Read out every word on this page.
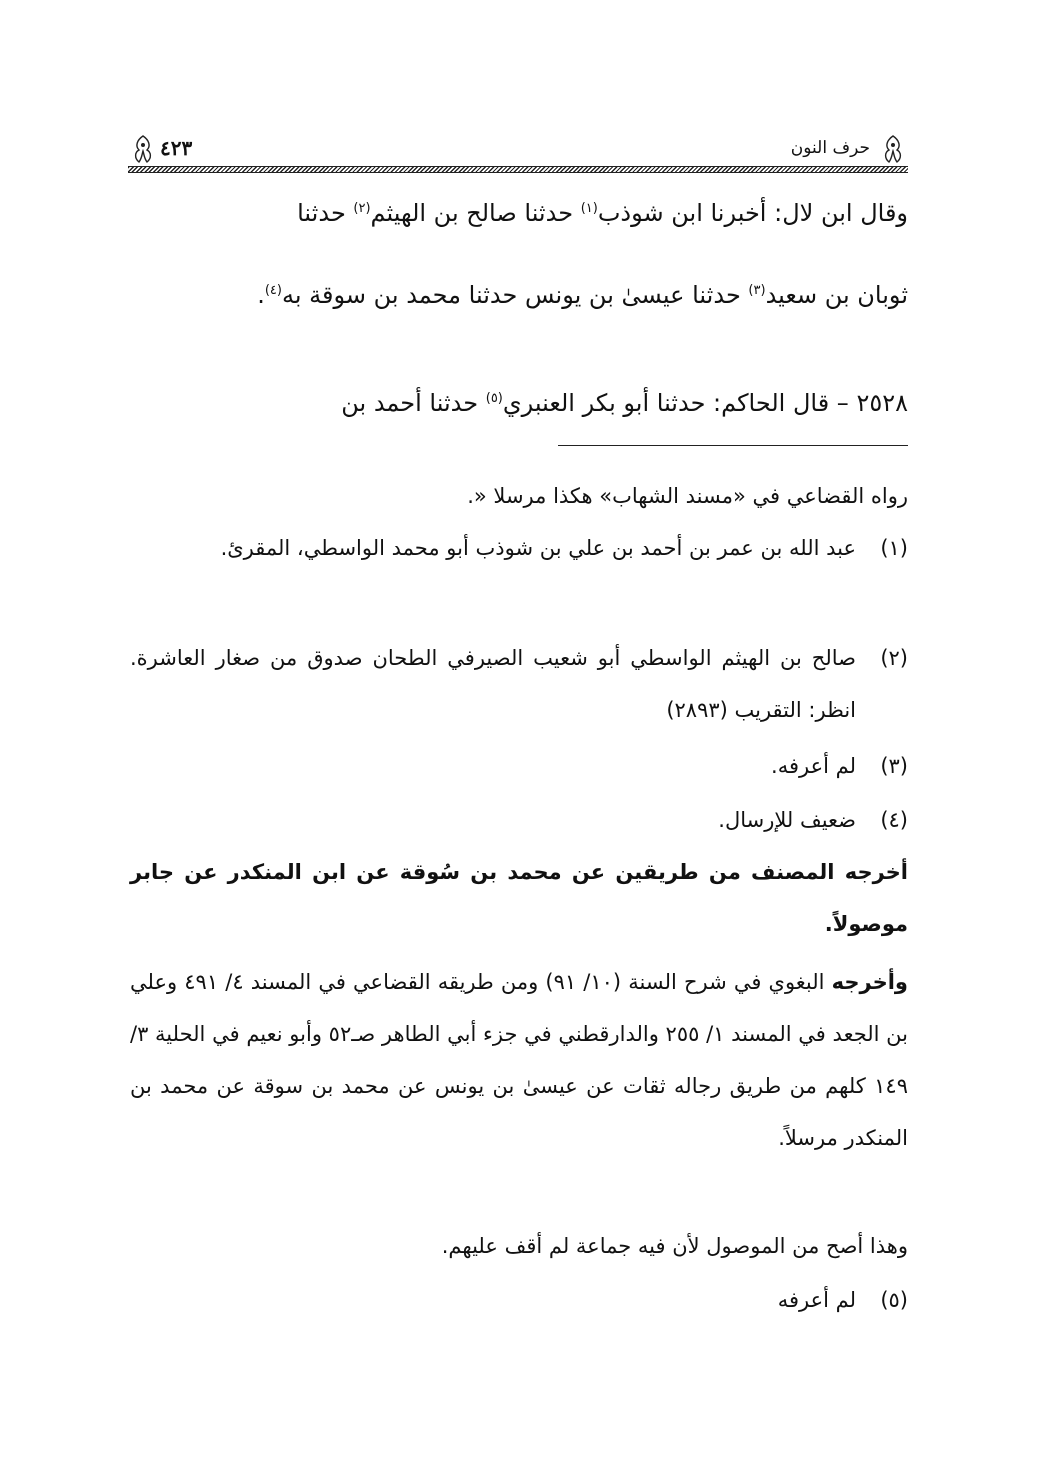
حرف النون
٤٢٣
وقال ابن لال: أخبرنا ابن شوذب$^{(١)}$ حدثنا صالح بن الهيثم$^{(٢)}$ حدثنا
ثوبان بن سعيد$^{(٣)}$ حدثنا عيسىٰ بن يونس حدثنا محمد بن سوقة به$^{(٤)}$.
٢٥٢٨ – قال الحاكم: حدثنا أبو بكر العنبري$^{(٥)}$ حدثنا أحمد بن
رواه القضاعي في «مسند الشهاب» هكذا مرسلا «.
(١)
عبد الله بن عمر بن أحمد بن علي بن شوذب أبو محمد الواسطي، المقرئ.
(٢)
صالح بن الهيثم الواسطي أبو شعيب الصيرفي الطحان صدوق من صغار العاشرة. انظر: التقريب (٢٨٩٣)
(٣)
لم أعرفه.
(٤)
ضعيف للإرسال.
أخرجه المصنف من طريقين عن محمد بن سُوقة عن ابن المنكدر عن جابر موصولاً.
وأخرجه البغوي في شرح السنة (١٠/ ٩١) ومن طريقه القضاعي في المسند ٤/ ٤٩١ وعلي بن الجعد في المسند ١/ ٢٥٥ والدارقطني في جزء أبي الطاهر صـ٥٢ وأبو نعيم في الحلية ٣/ ١٤٩ كلهم من طريق رجاله ثقات عن عيسىٰ بن يونس عن محمد بن سوقة عن محمد بن المنكدر مرسلاً.
وهذا أصح من الموصول لأن فيه جماعة لم أقف عليهم.
(٥)
لم أعرفه
